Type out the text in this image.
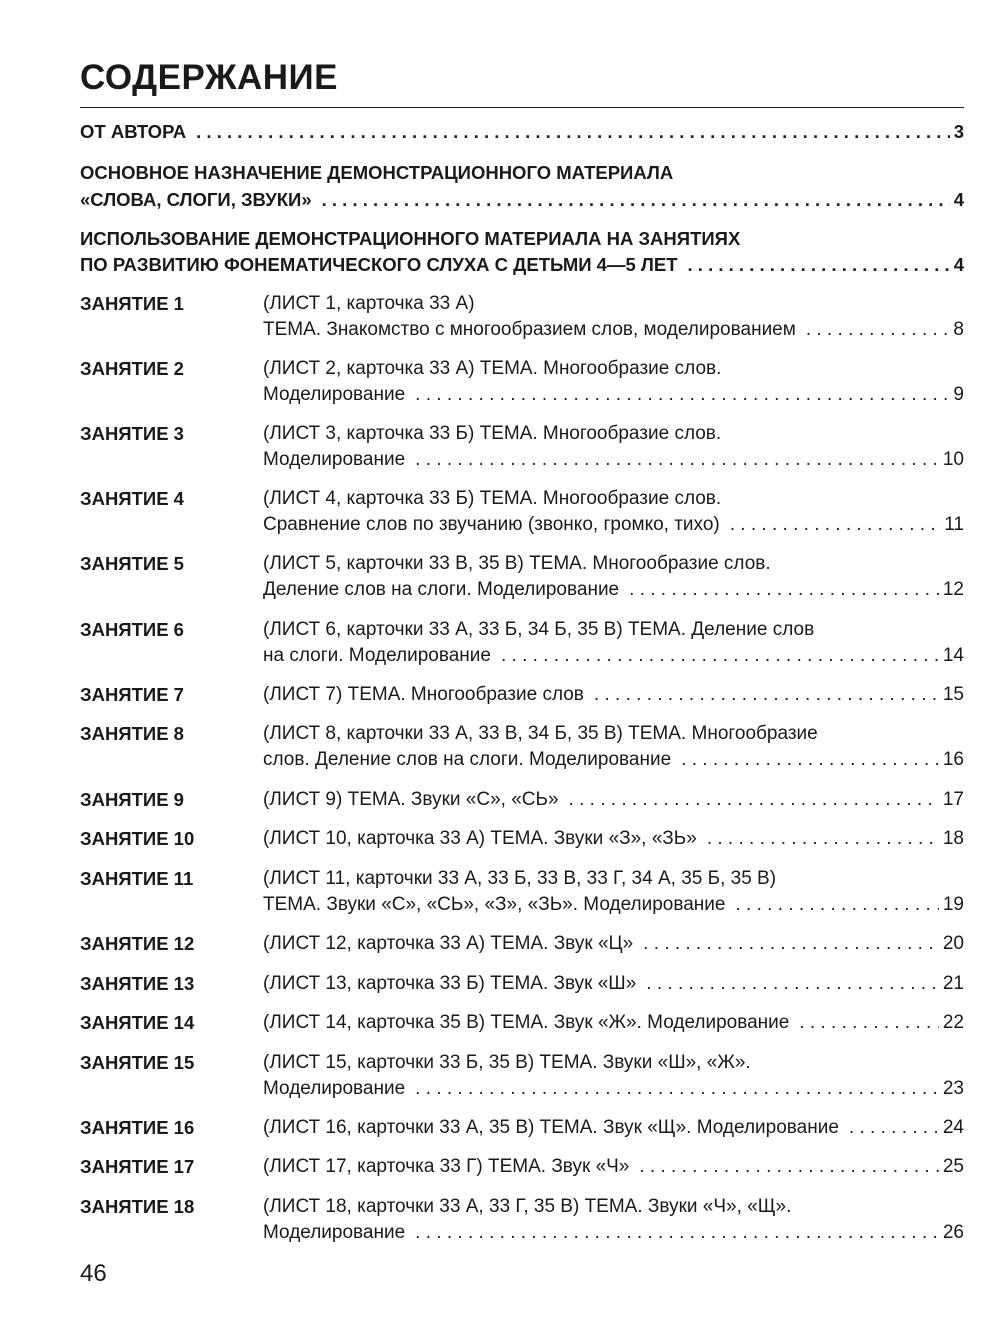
СОДЕРЖАНИЕ
ОТ АВТОРА . . .	3
ОСНОВНОЕ НАЗНАЧЕНИЕ ДЕМОНСТРАЦИОННОГО МАТЕРИАЛА
«СЛОВА, СЛОГИ, ЗВУКИ» . . .	4
ИСПОЛЬЗОВАНИЕ ДЕМОНСТРАЦИОННОГО МАТЕРИАЛА НА ЗАНЯТИЯХ
ПО РАЗВИТИЮ ФОНЕМАТИЧЕСКОГО СЛУХА С ДЕТЬМИ 4—5 ЛЕТ . . .	4
ЗАНЯТИЕ 1	(ЛИСТ 1, карточка 33 А)
ТЕМА. Знакомство с многообразием слов, моделированием . . .	8
ЗАНЯТИЕ 2	(ЛИСТ 2, карточка 33 А) ТЕМА. Многообразие слов.
Моделирование . . .	9
ЗАНЯТИЕ 3	(ЛИСТ 3, карточка 33 Б) ТЕМА. Многообразие слов.
Моделирование . . .	10
ЗАНЯТИЕ 4	(ЛИСТ 4, карточка 33 Б) ТЕМА. Многообразие слов.
Сравнение слов по звучанию (звонко, громко, тихо) . . .	11
ЗАНЯТИЕ 5	(ЛИСТ 5, карточки 33 В, 35 В) ТЕМА. Многообразие слов.
Деление слов на слоги. Моделирование . . .	12
ЗАНЯТИЕ 6	(ЛИСТ 6, карточки 33 А, 33 Б, 34 Б, 35 В) ТЕМА. Деление слов
на слоги. Моделирование . . .	14
ЗАНЯТИЕ 7	(ЛИСТ 7) ТЕМА. Многообразие слов . . .	15
ЗАНЯТИЕ 8	(ЛИСТ 8, карточки 33 А, 33 В, 34 Б, 35 В) ТЕМА. Многообразие
слов. Деление слов на слоги. Моделирование . . .	16
ЗАНЯТИЕ 9	(ЛИСТ 9) ТЕМА. Звуки «С», «СЬ» . . .	17
ЗАНЯТИЕ 10	(ЛИСТ 10, карточка 33 А) ТЕМА. Звуки «З», «ЗЬ» . . .	18
ЗАНЯТИЕ 11	(ЛИСТ 11, карточки 33 А, 33 Б, 33 В, 33 Г, 34 А, 35 Б, 35 В)
ТЕМА. Звуки «С», «СЬ», «З», «ЗЬ». Моделирование . . .	19
ЗАНЯТИЕ 12	(ЛИСТ 12, карточка 33 А) ТЕМА. Звук «Ц» . . .	20
ЗАНЯТИЕ 13	(ЛИСТ 13, карточка 33 Б) ТЕМА. Звук «Ш» . . .	21
ЗАНЯТИЕ 14	(ЛИСТ 14, карточка 35 В) ТЕМА. Звук «Ж». Моделирование . . .	22
ЗАНЯТИЕ 15	(ЛИСТ 15, карточки 33 Б, 35 В) ТЕМА. Звуки «Ш», «Ж».
Моделирование . . .	23
ЗАНЯТИЕ 16	(ЛИСТ 16, карточки 33 А, 35 В) ТЕМА. Звук «Щ». Моделирование . . .	24
ЗАНЯТИЕ 17	(ЛИСТ 17, карточка 33 Г) ТЕМА. Звук «Ч» . . .	25
ЗАНЯТИЕ 18	(ЛИСТ 18, карточки 33 А, 33 Г, 35 В) ТЕМА. Звуки «Ч», «Щ».
Моделирование . . .	26

46
